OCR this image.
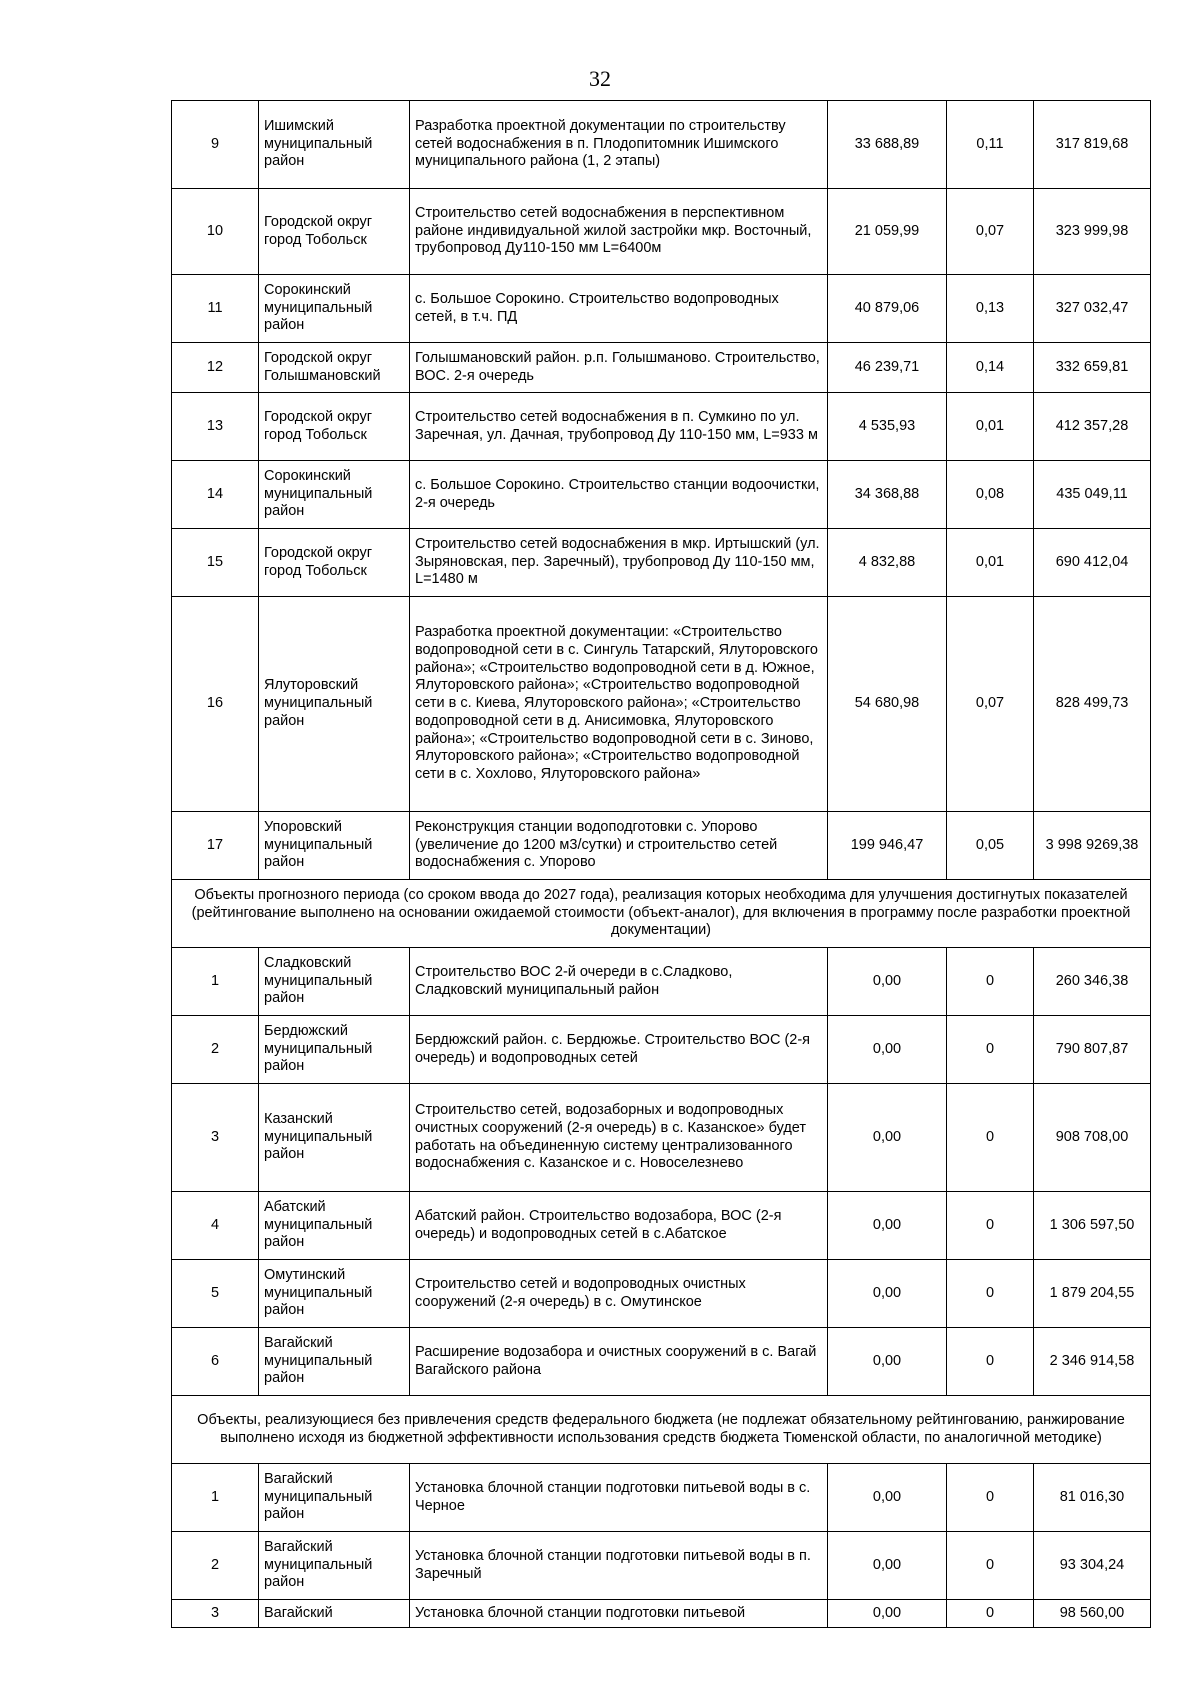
32
9	Ишимский муниципальный район	Разработка проектной документации по строительству сетей водоснабжения в п. Плодопитомник Ишимского муниципального района (1, 2 этапы)	33 688,89	0,11	317 819,68
10	Городской округ город Тобольск	Строительство сетей водоснабжения в перспективном районе индивидуальной жилой застройки мкр. Восточный, трубопровод Ду110-150 мм L=6400м	21 059,99	0,07	323 999,98
11	Сорокинский муниципальный район	с. Большое Сорокино. Строительство водопроводных сетей, в т.ч. ПД	40 879,06	0,13	327 032,47
12	Городской округ Голышмановский	Голышмановский район. р.п. Голышманово. Строительство, ВОС. 2-я очередь	46 239,71	0,14	332 659,81
13	Городской округ город Тобольск	Строительство сетей водоснабжения в п. Сумкино по ул. Заречная, ул. Дачная, трубопровод Ду 110-150 мм, L=933 м	4 535,93	0,01	412 357,28
14	Сорокинский муниципальный район	с. Большое Сорокино. Строительство станции водоочистки, 2-я очередь	34 368,88	0,08	435 049,11
15	Городской округ город Тобольск	Строительство сетей водоснабжения в мкр. Иртышский (ул. Зыряновская, пер. Заречный), трубопровод Ду 110-150 мм, L=1480 м	4 832,88	0,01	690 412,04
16	Ялуторовский муниципальный район	Разработка проектной документации: «Строительство водопроводной сети в с. Сингуль Татарский, Ялуторовского района»; «Строительство водопроводной сети в д. Южное, Ялуторовского района»; «Строительство водопроводной сети в с. Киева, Ялуторовского района»; «Строительство водопроводной сети в д. Анисимовка, Ялуторовского района»; «Строительство водопроводной сети в с. Зиново, Ялуторовского района»; «Строительство водопроводной сети в с. Хохлово, Ялуторовского района»	54 680,98	0,07	828 499,73
17	Упоровский муниципальный район	Реконструкция станции водоподготовки с. Упорово (увеличение до 1200 м3/сутки) и строительство сетей водоснабжения с. Упорово	199 946,47	0,05	3 998 9269,38
Объекты прогнозного периода (со сроком ввода до 2027 года), реализация которых необходима для улучшения достигнутых показателей (рейтингование выполнено на основании ожидаемой стоимости (объект-аналог), для включения в программу после разработки проектной документации)					
1	Сладковский муниципальный район	Строительство ВОС 2-й очереди в с.Сладково, Сладковский муниципальный район	0,00	0	260 346,38
2	Бердюжский муниципальный район	Бердюжский район. с. Бердюжье. Строительство ВОС (2-я очередь) и водопроводных сетей	0,00	0	790 807,87
3	Казанский муниципальный район	Строительство сетей, водозаборных и водопроводных очистных сооружений (2-я очередь) в с. Казанское» будет работать на объединенную систему централизованного водоснабжения с. Казанское и с. Новоселезнево	0,00	0	908 708,00
4	Абатский муниципальный район	Абатский район. Строительство водозабора, ВОС (2-я очередь) и водопроводных сетей в с.Абатское	0,00	0	1 306 597,50
5	Омутинский муниципальный район	Строительство сетей и водопроводных очистных сооружений (2-я очередь) в с. Омутинское	0,00	0	1 879 204,55
6	Вагайский муниципальный район	Расширение водозабора и очистных сооружений в с. Вагай Вагайского района	0,00	0	2 346 914,58
Объекты, реализующиеся без привлечения средств федерального бюджета (не подлежат обязательному рейтингованию, ранжирование выполнено исходя из бюджетной эффективности использования средств бюджета Тюменской области, по аналогичной методике)					
1	Вагайский муниципальный район	Установка блочной станции подготовки питьевой воды в с. Черное	0,00	0	81 016,30
2	Вагайский муниципальный район	Установка блочной станции подготовки питьевой воды в п. Заречный	0,00	0	93 304,24
3	Вагайский	Установка блочной станции подготовки питьевой	0,00	0	98 560,00
